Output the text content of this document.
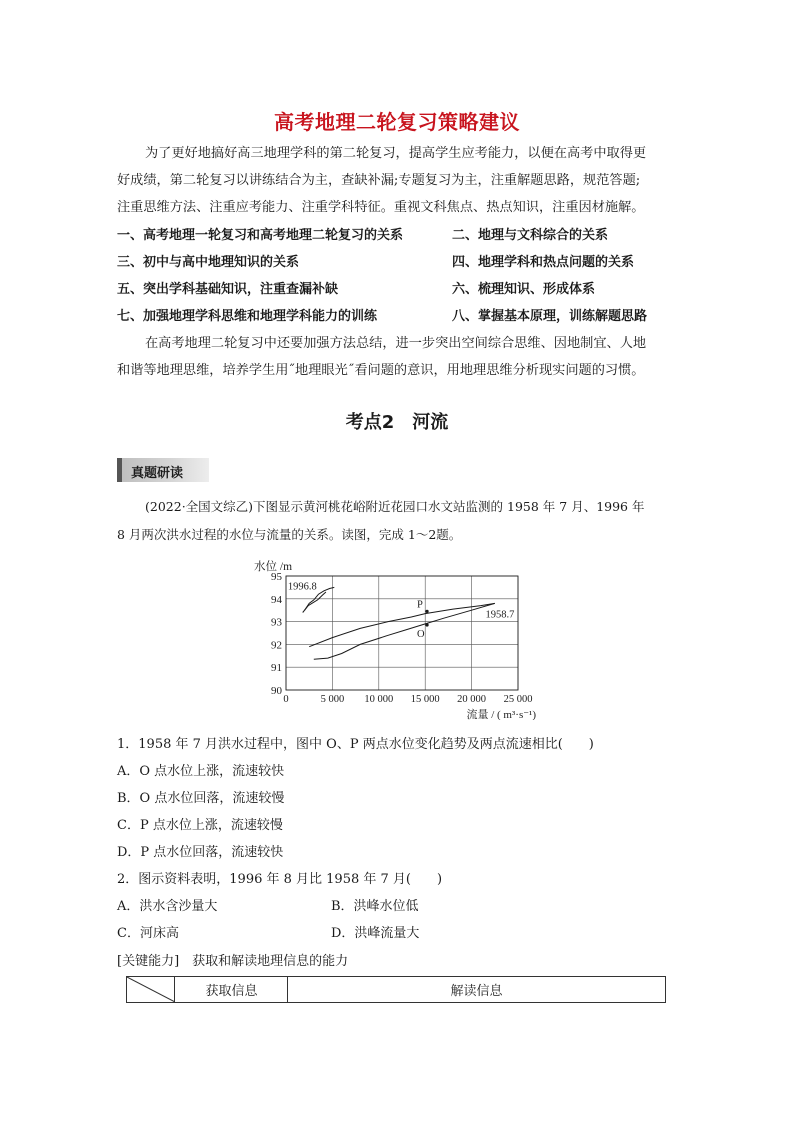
高考地理二轮复习策略建议
为了更好地搞好高三地理学科的第二轮复习，提高学生应考能力，以便在高考中取得更
好成绩，第二轮复习以讲练结合为主，查缺补漏;专题复习为主，注重解题思路，规范答题;
注重思维方法、注重应考能力、注重学科特征。重视文科焦点、热点知识，注重因材施解。
一、高考地理一轮复习和高考地理二轮复习的关系	二、地理与文科综合的关系
三、初中与高中地理知识的关系	四、地理学科和热点问题的关系
五、突出学科基础知识，注重查漏补缺	六、梳理知识、形成体系
七、加强地理学科思维和地理学科能力的训练	八、掌握基本原理，训练解题思路
在高考地理二轮复习中还要加强方法总结，进一步突出空间综合思维、因地制宜、人地
和谐等地理思维，培养学生用˝地理眼光˝看问题的意识，用地理思维分析现实问题的习惯。
考点2　河流
真题研读
(2022·全国文综乙)下图显示黄河桃花峪附近花园口水文站监测的 1958 年 7 月、1996 年
8 月两次洪水过程的水位与流量的关系。读图，完成 1～2题。
95
94
93
92
91
90
0	5 000 10 000 15 000 20 000 25 000
水位 /m
流量 / ( m³·s⁻¹)
1996.8
1958.7
P
O
1．1958 年 7 月洪水过程中，图中 O、P 两点水位变化趋势及两点流速相比(　　)
A．O 点水位上涨，流速较快
B．O 点水位回落，流速较慢
C．P 点水位上涨，流速较慢
D．P 点水位回落，流速较快
2．图示资料表明，1996 年 8 月比 1958 年 7 月(　　)
A．洪水含沙量大	B．洪峰水位低
C．河床高	D．洪峰流量大
[关键能力]　获取和解读地理信息的能力
获取信息	解读信息
